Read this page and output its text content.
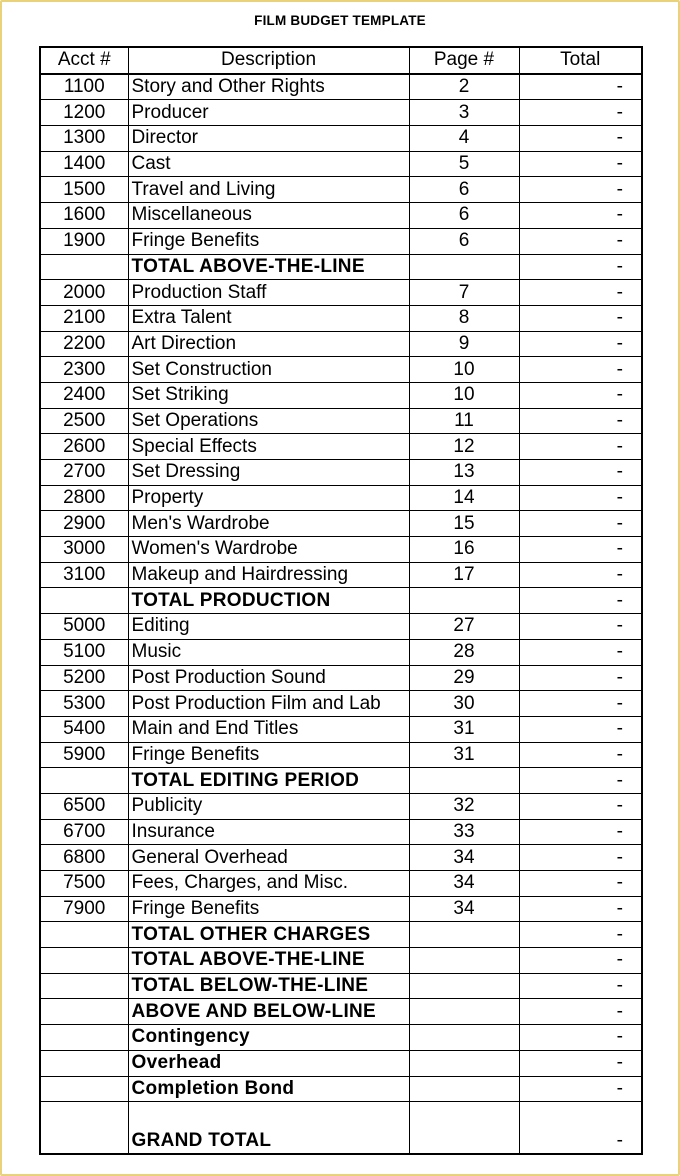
FILM BUDGET TEMPLATE
Acct #	Description	Page #	Total
1100	Story and Other Rights	2	-
1200	Producer	3	-
1300	Director	4	-
1400	Cast	5	-
1500	Travel and Living	6	-
1600	Miscellaneous	6	-
1900	Fringe Benefits	6	-
	TOTAL ABOVE-THE-LINE		-
2000	Production Staff	7	-
2100	Extra Talent	8	-
2200	Art Direction	9	-
2300	Set Construction	10	-
2400	Set Striking	10	-
2500	Set Operations	11	-
2600	Special Effects	12	-
2700	Set Dressing	13	-
2800	Property	14	-
2900	Men's Wardrobe	15	-
3000	Women's Wardrobe	16	-
3100	Makeup and Hairdressing	17	-
	TOTAL PRODUCTION		-
5000	Editing	27	-
5100	Music	28	-
5200	Post Production Sound	29	-
5300	Post Production Film and Lab	30	-
5400	Main and End Titles	31	-
5900	Fringe Benefits	31	-
	TOTAL EDITING PERIOD		-
6500	Publicity	32	-
6700	Insurance	33	-
6800	General Overhead	34	-
7500	Fees, Charges, and Misc.	34	-
7900	Fringe Benefits	34	-
	TOTAL OTHER CHARGES		-
	TOTAL ABOVE-THE-LINE		-
	TOTAL BELOW-THE-LINE		-
	ABOVE AND BELOW-LINE		-
	Contingency		-
	Overhead		-
	Completion Bond		-
	GRAND TOTAL		-
